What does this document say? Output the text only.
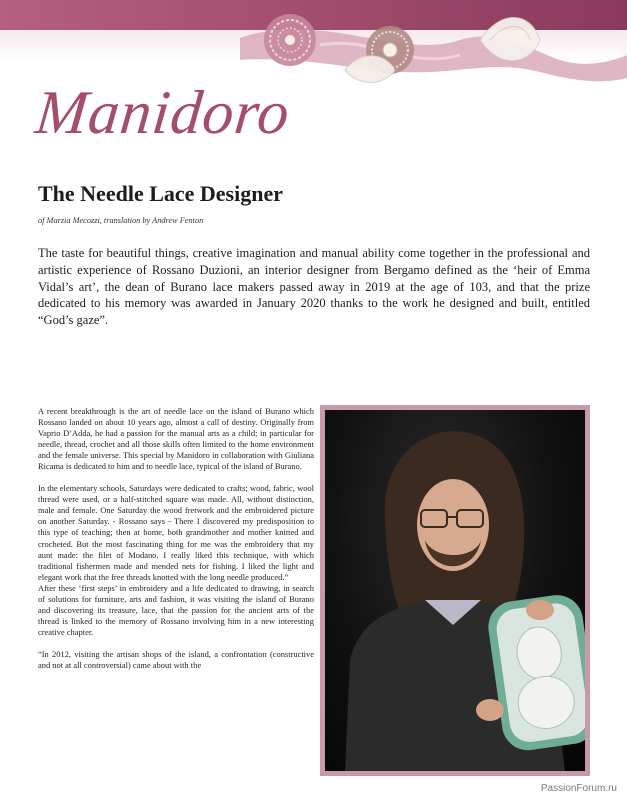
Manidoro
The Needle Lace Designer
of Marzia Mecozzi, translation by Andrew Fenton

The taste for beautiful things, creative imagination and manual ability come together in the professional and artistic experience of Rossano Duzioni, an interior designer from Bergamo defined as the ‘heir of Emma Vidal’s art’, the dean of Burano lace makers passed away in 2019 at the age of 103, and that the prize dedicated to his memory was awarded in January 2020 thanks to the work he designed and built, entitled “God’s gaze”.

A recent breakthrough is the art of needle lace on the island of Burano which Rossano landed on about 10 years ago, almost a call of destiny. Originally from Vaprio D’Adda, he had a passion for the manual arts as a child; in particular for needle, thread, crochet and all those skills often limited to the home environment and the female universe. This special by Manidoro in collaboration with Giuliana Ricama is dedicated to him and to needle lace, typical of the island of Burano.

In the elementary schools, Saturdays were dedicated to crafts; wood, fabric, wool thread were used, or a half-stitched square was made. All, without distinction, male and female. One Saturday the wood fretwork and the embroidered picture on another Saturday. - Rossano says - There I discovered my predisposition to this type of teaching; then at home, both grandmother and mother knitted and crocheted. But the most fascinating thing for me was the embroidery that my aunt made: the filet of Modano. I really liked this technique, with which traditional fishermen made and mended nets for fishing. I liked the light and elegant work that the free threads knotted with the long needle produced.”

After these ‘first steps’ in embroidery and a life dedicated to drawing, in search of solutions for furniture, arts and fashion, it was visiting the island of Burano and discovering its treasure, lace, that the passion for the ancient arts of the thread is linked to the memory of Rossano involving him in a new interesting creative chapter.

“In 2012, visiting the artisan shops of the island, a confrontation (constructive and not at all controversial) came about with the

PassionForum.ru
